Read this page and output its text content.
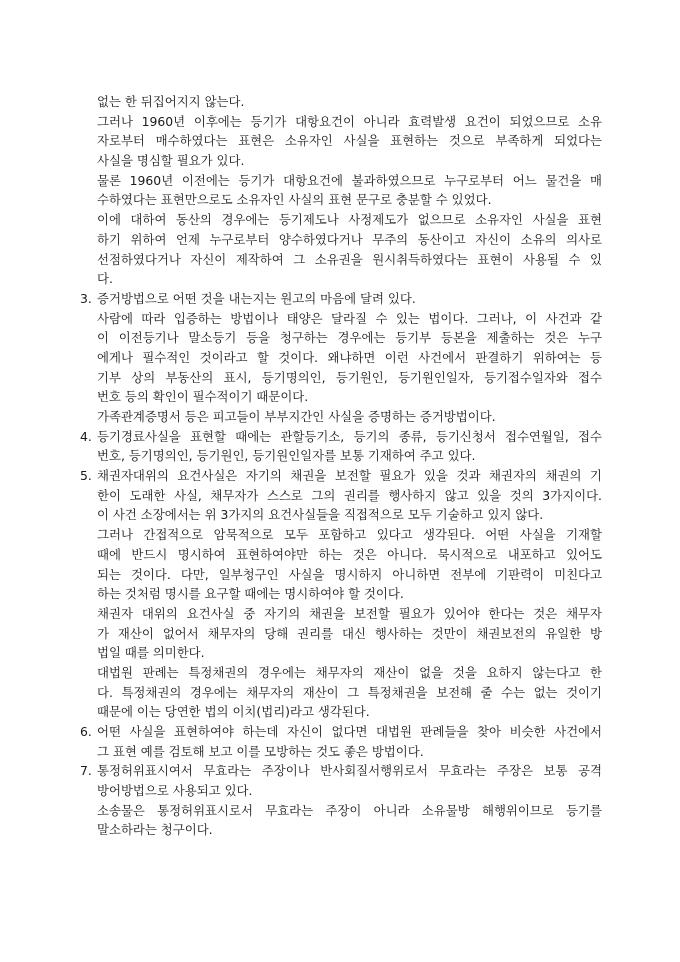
없는 한 뒤집어지지 않는다.
그러나 1960년 이후에는 등기가 대항요건이 아니라 효력발생 요건이 되었으므로 소유
자로부터 매수하였다는 표현은 소유자인 사실을 표현하는 것으로 부족하게 되었다는
사실을 명심할 필요가 있다.
물론 1960년 이전에는 등기가 대항요건에 불과하였으므로 누구로부터 어느 물건을 매
수하였다는 표현만으로도 소유자인 사실의 표현 문구로 충분할 수 있었다.
이에 대하여 동산의 경우에는 등기제도나 사정제도가 없으므로 소유자인 사실을 표현
하기 위하여 언제 누구로부터 양수하였다거나 무주의 동산이고 자신이 소유의 의사로
선점하였다거나 자신이 제작하여 그 소유권을 원시취득하였다는 표현이 사용될 수 있
다.
3. 증거방법으로 어떤 것을 내는지는 원고의 마음에 달려 있다.
사람에 따라 입증하는 방법이나 태양은 달라질 수 있는 법이다. 그러나, 이 사건과 같
이 이전등기나 말소등기 등을 청구하는 경우에는 등기부 등본을 제출하는 것은 누구
에게나 필수적인 것이라고 할 것이다. 왜냐하면 이런 사건에서 판결하기 위하여는 등
기부 상의 부동산의 표시, 등기명의인, 등기원인, 등기원인일자, 등기접수일자와 접수
번호 등의 확인이 필수적이기 때문이다.
가족관계증명서 등은 피고들이 부부지간인 사실을 증명하는 증거방법이다.
4. 등기경료사실을 표현할 때에는 관할등기소, 등기의 종류, 등기신청서 접수연월일, 접수
번호, 등기명의인, 등기원인, 등기원인일자를 보통 기재하여 주고 있다.
5. 채권자대위의 요건사실은 자기의 채권을 보전할 필요가 있을 것과 채권자의 채권의 기
한이 도래한 사실, 채무자가 스스로 그의 권리를 행사하지 않고 있을 것의 3가지이다.
이 사건 소장에서는 위 3가지의 요건사실들을 직접적으로 모두 기술하고 있지 않다.
그러나 간접적으로 암묵적으로 모두 포함하고 있다고 생각된다. 어떤 사실을 기재할
때에 반드시 명시하여 표현하여야만 하는 것은 아니다. 묵시적으로 내포하고 있어도
되는 것이다. 다만, 일부청구인 사실을 명시하지 아니하면 전부에 기판력이 미친다고
하는 것처럼 명시를 요구할 때에는 명시하여야 할 것이다.
채권자 대위의 요건사실 중 자기의 채권을 보전할 필요가 있어야 한다는 것은 채무자
가 재산이 없어서 채무자의 당해 권리를 대신 행사하는 것만이 채권보전의 유일한 방
법일 때를 의미한다.
대법원 판례는 특정채권의 경우에는 채무자의 재산이 없을 것을 요하지 않는다고 한
다. 특정채권의 경우에는 채무자의 재산이 그 특정채권을 보전해 줄 수는 없는 것이기
때문에 이는 당연한 법의 이치(법리)라고 생각된다.
6. 어떤 사실을 표현하여야 하는데 자신이 없다면 대법원 판례들을 찾아 비슷한 사건에서
그 표현 예를 검토해 보고 이를 모방하는 것도 좋은 방법이다.
7. 통정허위표시여서 무효라는 주장이나 반사회질서행위로서 무효라는 주장은 보통 공격
방어방법으로 사용되고 있다.
소송물은 통정허위표시로서 무효라는 주장이 아니라 소유물방 해행위이므로 등기를
말소하라는 청구이다.
